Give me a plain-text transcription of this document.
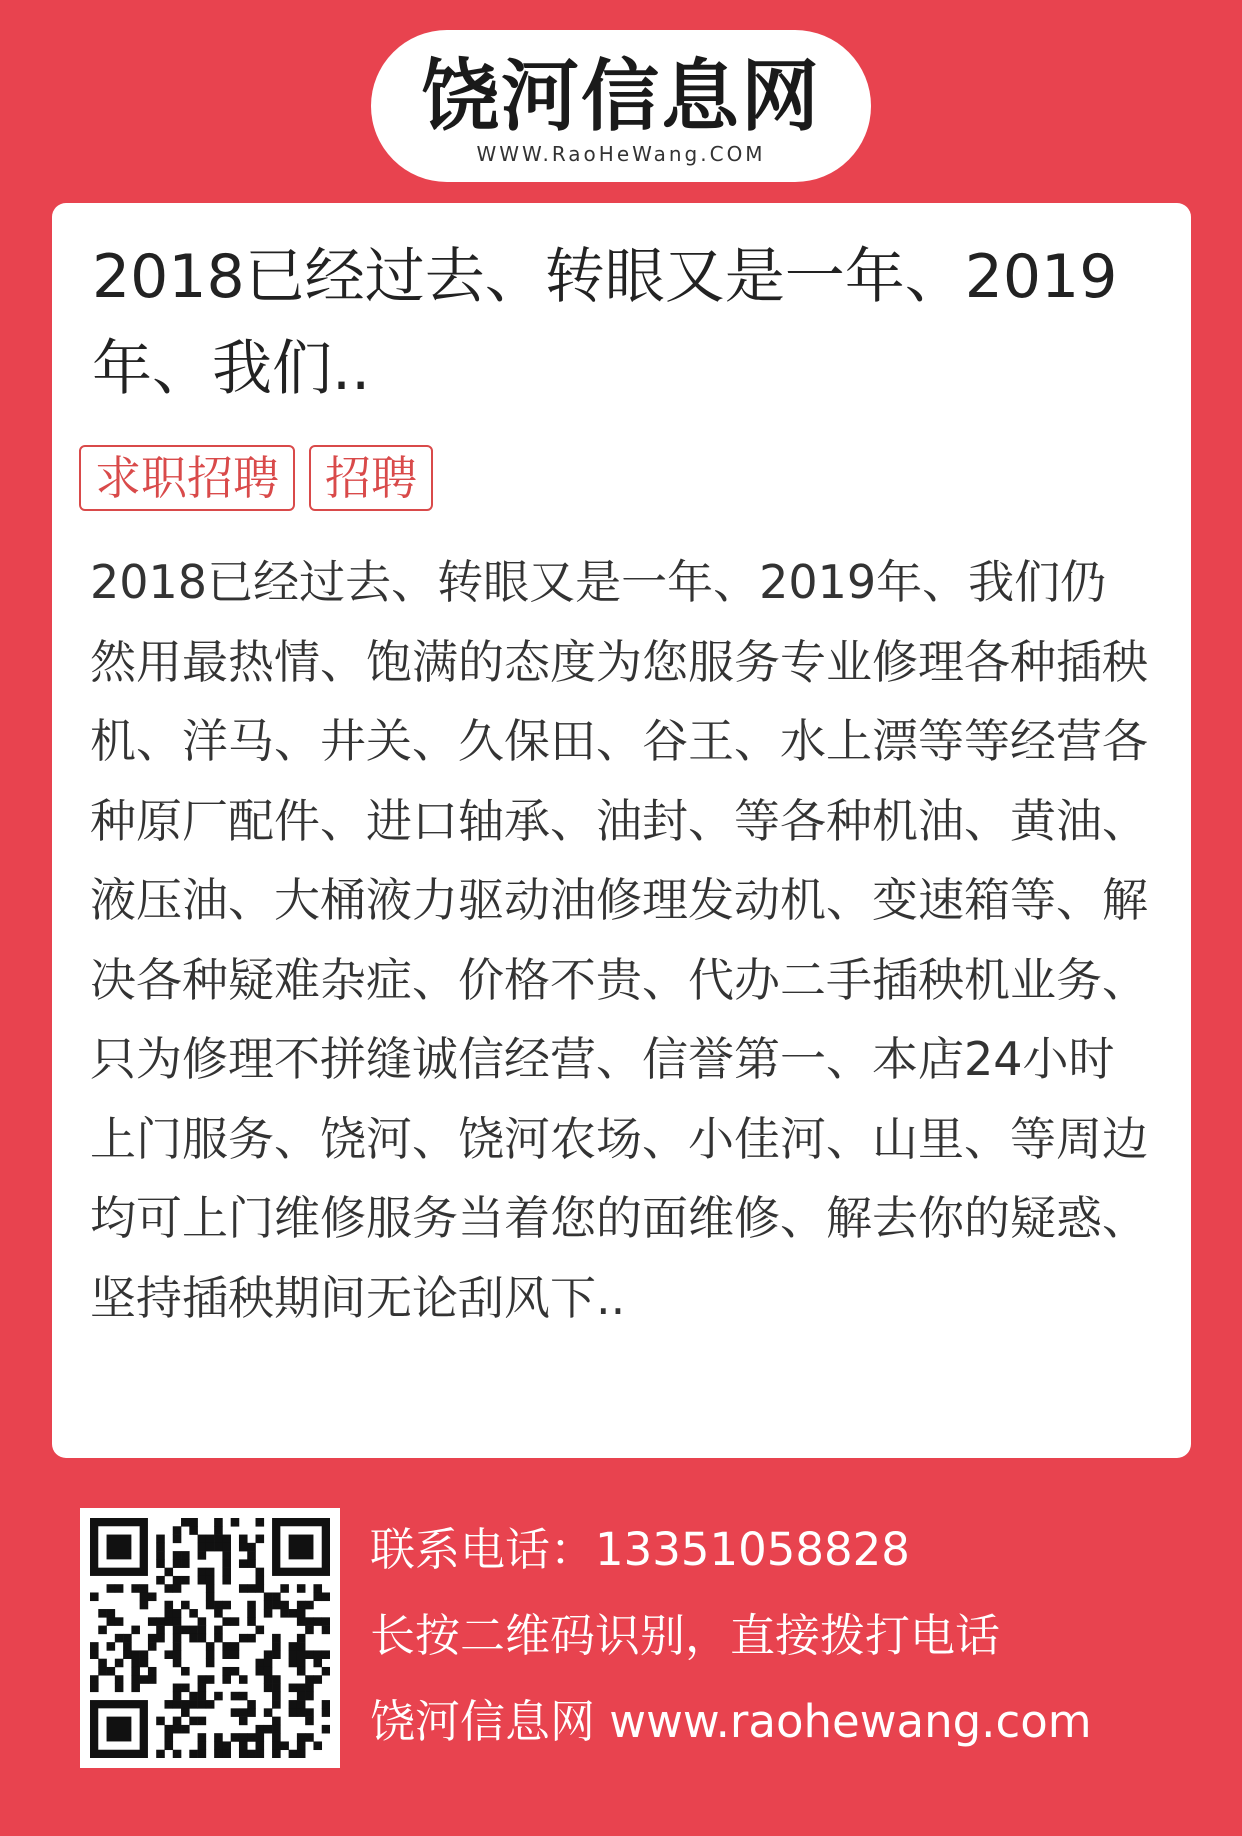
饶河信息网
WWW.RaoHeWang.COM
2018已经过去、转眼又是一年、2019年、我们..
求职招聘	招聘
2018已经过去、转眼又是一年、2019年、我们仍然用最热情、饱满的态度为您服务专业修理各种插秧机、洋马、井关、久保田、谷王、水上漂等等经营各种原厂配件、进口轴承、油封、等各种机油、黄油、液压油、大桶液力驱动油修理发动机、变速箱等、解决各种疑难杂症、价格不贵、代办二手插秧机业务、只为修理不拼缝诚信经营、信誉第一、本店24小时上门服务、饶河、饶河农场、小佳河、山里、等周边均可上门维修服务当着您的面维修、解去你的疑惑、坚持插秧期间无论刮风下..
联系电话：13351058828
长按二维码识别，直接拨打电话
饶河信息网 www.raohewang.com
